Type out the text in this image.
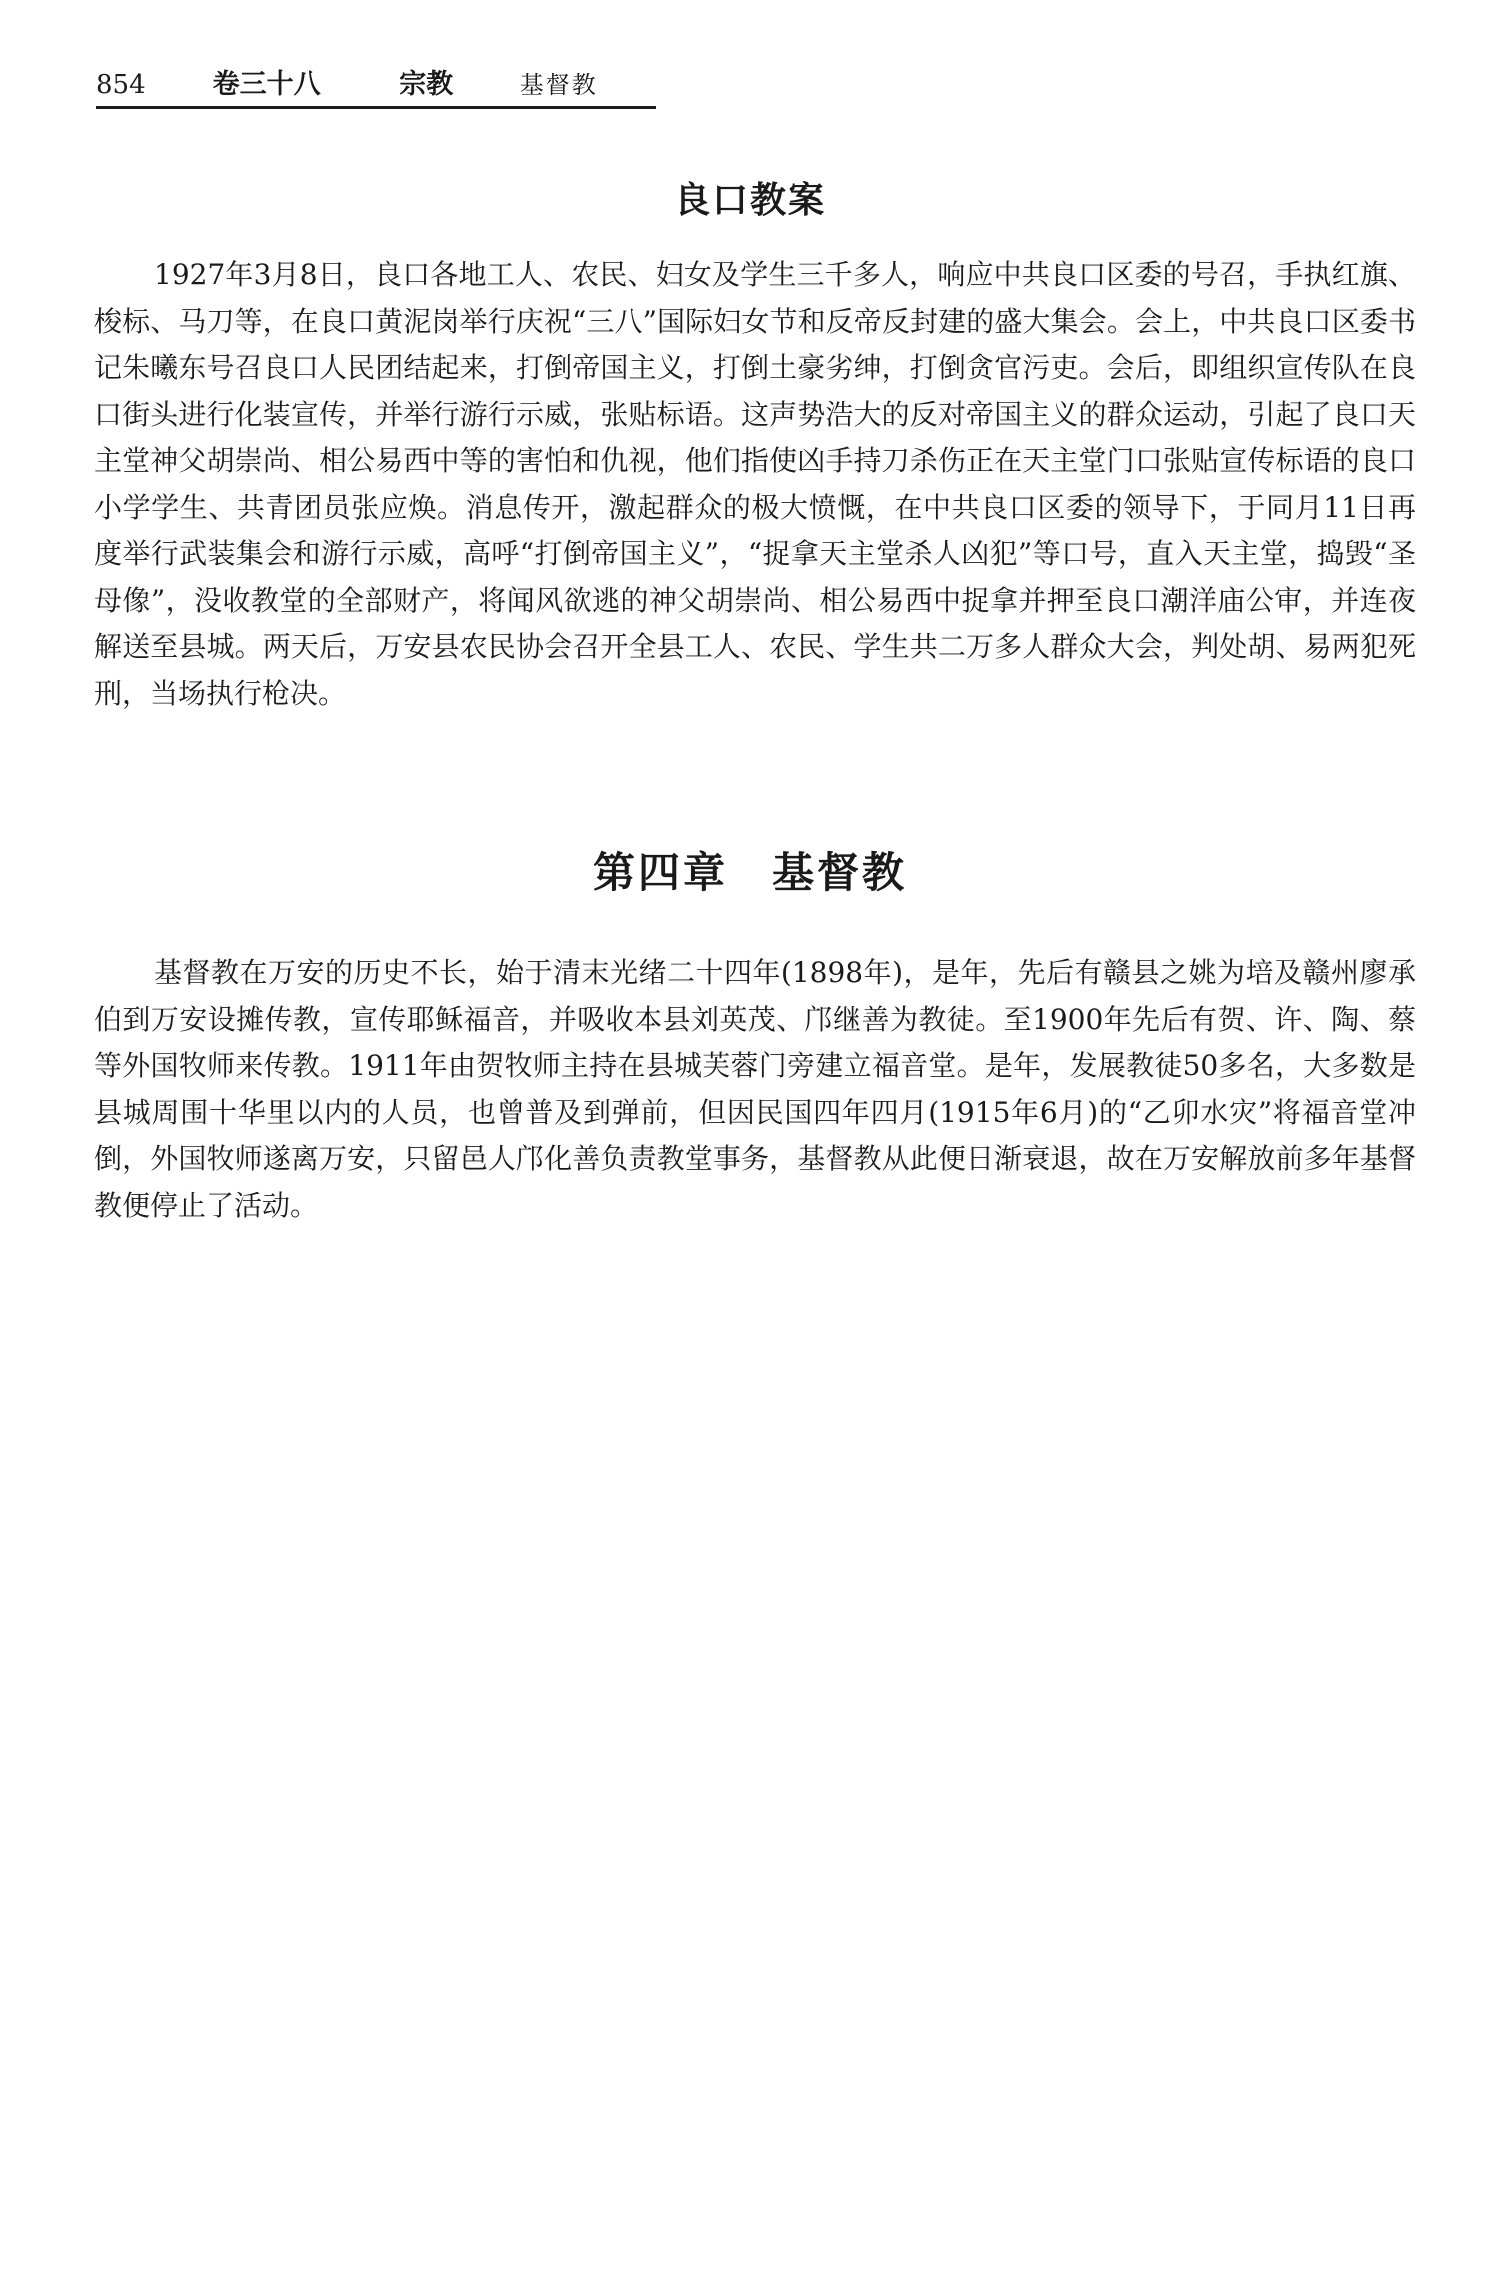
854 卷三十八	宗教	基督教
良口教案

1927年3月8日，良口各地工人、农民、妇女及学生三千多人，响应中共良口区委的号召，手执红旗、梭标、马刀等，在良口黄泥岗举行庆祝“三八”国际妇女节和反帝反封建的盛大集会。会上，中共良口区委书记朱曦东号召良口人民团结起来，打倒帝国主义，打倒土豪劣绅，打倒贪官污吏。会后，即组织宣传队在良口街头进行化装宣传，并举行游行示威，张贴标语。这声势浩大的反对帝国主义的群众运动，引起了良口天主堂神父胡崇尚、相公易西中等的害怕和仇视，他们指使凶手持刀杀伤正在天主堂门口张贴宣传标语的良口小学学生、共青团员张应焕。消息传开，激起群众的极大愤慨，在中共良口区委的领导下，于同月11日再度举行武装集会和游行示威，高呼“打倒帝国主义”，“捉拿天主堂杀人凶犯”等口号，直入天主堂，捣毁“圣母像”，没收教堂的全部财产，将闻风欲逃的神父胡崇尚、相公易西中捉拿并押至良口潮洋庙公审，并连夜解送至县城。两天后，万安县农民协会召开全县工人、农民、学生共二万多人群众大会，判处胡、易两犯死刑，当场执行枪决。

第四章 基督教

基督教在万安的历史不长，始于清末光绪二十四年(1898年)，是年，先后有赣县之姚为培及赣州廖承伯到万安设摊传教，宣传耶稣福音，并吸收本县刘英茂、邝继善为教徒。至1900年先后有贺、许、陶、蔡等外国牧师来传教。1911年由贺牧师主持在县城芙蓉门旁建立福音堂。是年，发展教徒50多名，大多数是县城周围十华里以内的人员，也曾普及到弹前，但因民国四年四月(1915年6月)的“乙卯水灾”将福音堂冲倒，外国牧师遂离万安，只留邑人邝化善负责教堂事务，基督教从此便日渐衰退，故在万安解放前多年基督教便停止了活动。
